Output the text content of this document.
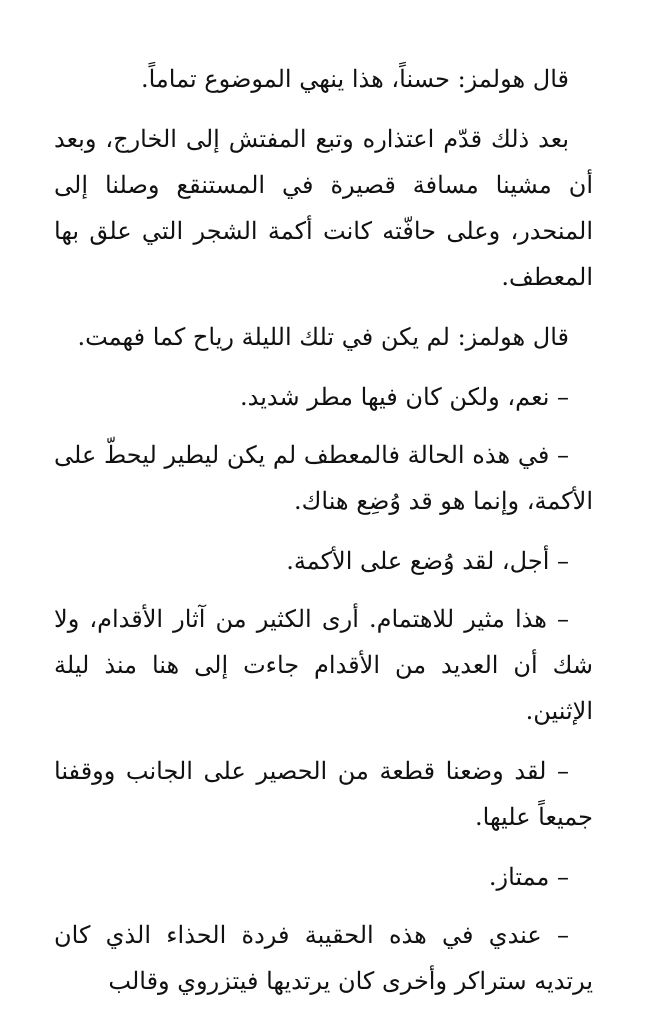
قال هولمز: حسناً، هذا ينهي الموضوع تماماً.

بعد ذلك قدّم اعتذاره وتبع المفتش إلى الخارج، وبعد أن مشينا مسافة قصيرة في المستنقع وصلنا إلى المنحدر، وعلى حافّته كانت أكمة الشجر التي علق بها المعطف.

قال هولمز: لم يكن في تلك الليلة رياح كما فهمت.

– نعم، ولكن كان فيها مطر شديد.

– في هذه الحالة فالمعطف لم يكن ليطير ليحطّ على الأكمة، وإنما هو قد وُضِع هناك.

– أجل، لقد وُضع على الأكمة.

– هذا مثير للاهتمام. أرى الكثير من آثار الأقدام، ولا شك أن العديد من الأقدام جاءت إلى هنا منذ ليلة الإثنين.

– لقد وضعنا قطعة من الحصير على الجانب ووقفنا جميعاً عليها.

– ممتاز.

– عندي في هذه الحقيبة فردة الحذاء الذي كان يرتديه ستراكر وأخرى كان يرتديها فيتزروي وقالب
